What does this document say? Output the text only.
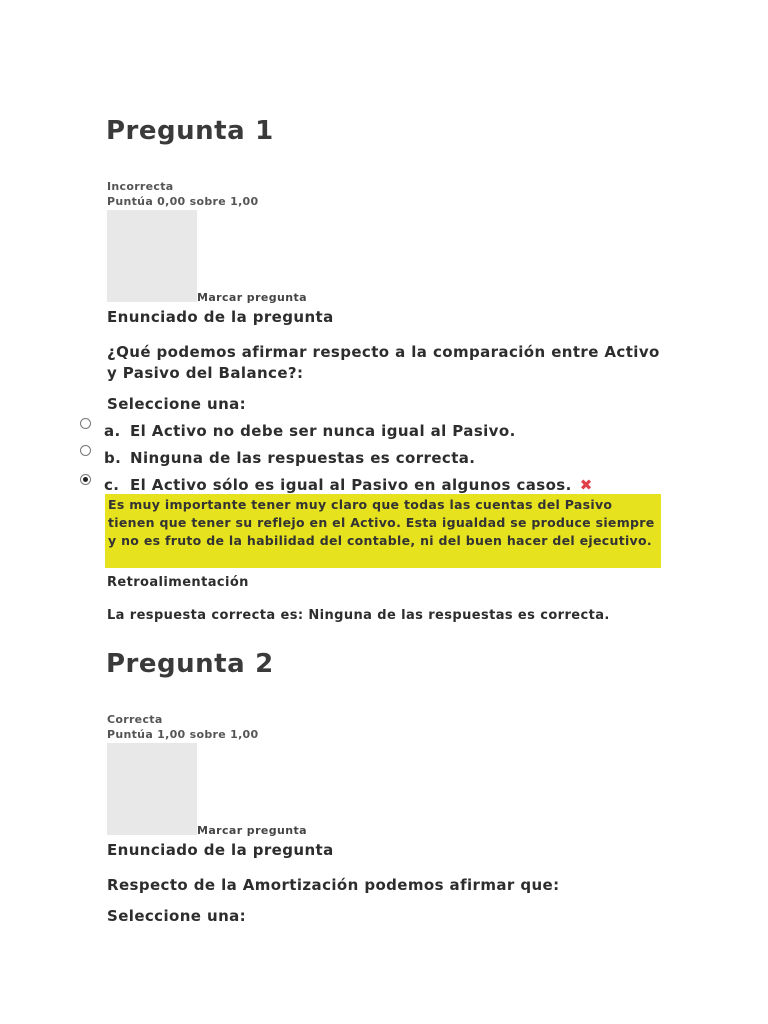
Pregunta 1
Incorrecta
Puntúa 0,00 sobre 1,00
Marcar pregunta
Enunciado de la pregunta
¿Qué podemos afirmar respecto a la comparación entre Activo y Pasivo del Balance?:
Seleccione una:
a. El Activo no debe ser nunca igual al Pasivo.
b. Ninguna de las respuestas es correcta.
c. El Activo sólo es igual al Pasivo en algunos casos. ✖
Es muy importante tener muy claro que todas las cuentas del Pasivo tienen que tener su reflejo en el Activo. Esta igualdad se produce siempre y no es fruto de la habilidad del contable, ni del buen hacer del ejecutivo.
Retroalimentación
La respuesta correcta es: Ninguna de las respuestas es correcta.
Pregunta 2
Correcta
Puntúa 1,00 sobre 1,00
Marcar pregunta
Enunciado de la pregunta
Respecto de la Amortización podemos afirmar que:
Seleccione una:
